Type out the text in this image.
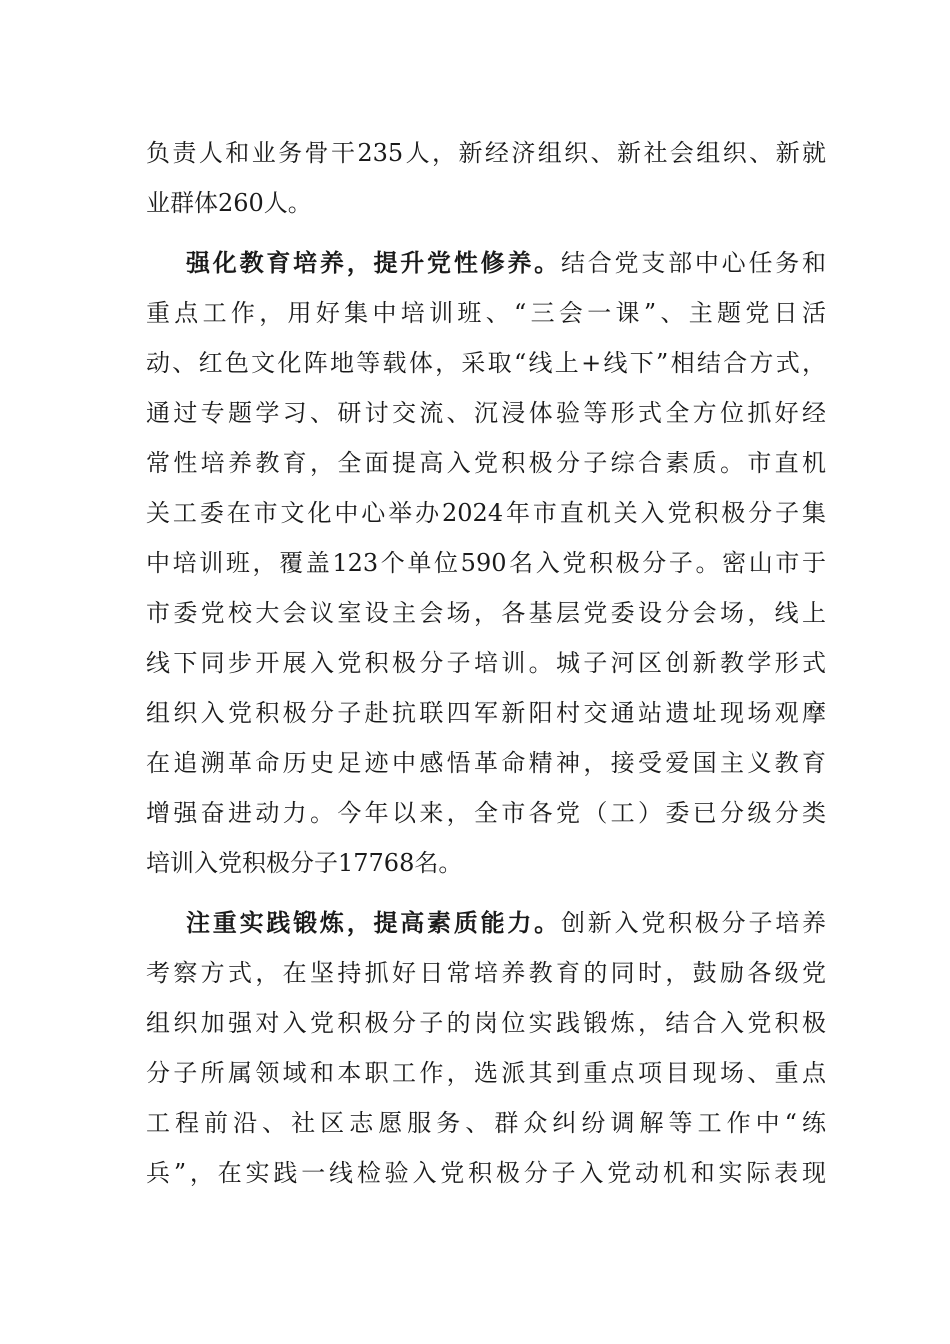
负责人和业务骨干235人，新经济组织、新社会组织、新就
业群体260人。
强化教育培养，提升党性修养。结合党支部中心任务和
重点工作，用好集中培训班、“三会一课”、主题党日活
动、红色文化阵地等载体，采取“线上+线下”相结合方式，
通过专题学习、研讨交流、沉浸体验等形式全方位抓好经
常性培养教育，全面提高入党积极分子综合素质。市直机
关工委在市文化中心举办2024年市直机关入党积极分子集
中培训班，覆盖123个单位590名入党积极分子。密山市于
市委党校大会议室设主会场，各基层党委设分会场，线上
线下同步开展入党积极分子培训。城子河区创新教学形式
组织入党积极分子赴抗联四军新阳村交通站遗址现场观摩
在追溯革命历史足迹中感悟革命精神，接受爱国主义教育
增强奋进动力。今年以来，全市各党（工）委已分级分类
培训入党积极分子17768名。
注重实践锻炼，提高素质能力。创新入党积极分子培养
考察方式，在坚持抓好日常培养教育的同时，鼓励各级党
组织加强对入党积极分子的岗位实践锻炼，结合入党积极
分子所属领域和本职工作，选派其到重点项目现场、重点
工程前沿、社区志愿服务、群众纠纷调解等工作中“练
兵”，在实践一线检验入党积极分子入党动机和实际表现
